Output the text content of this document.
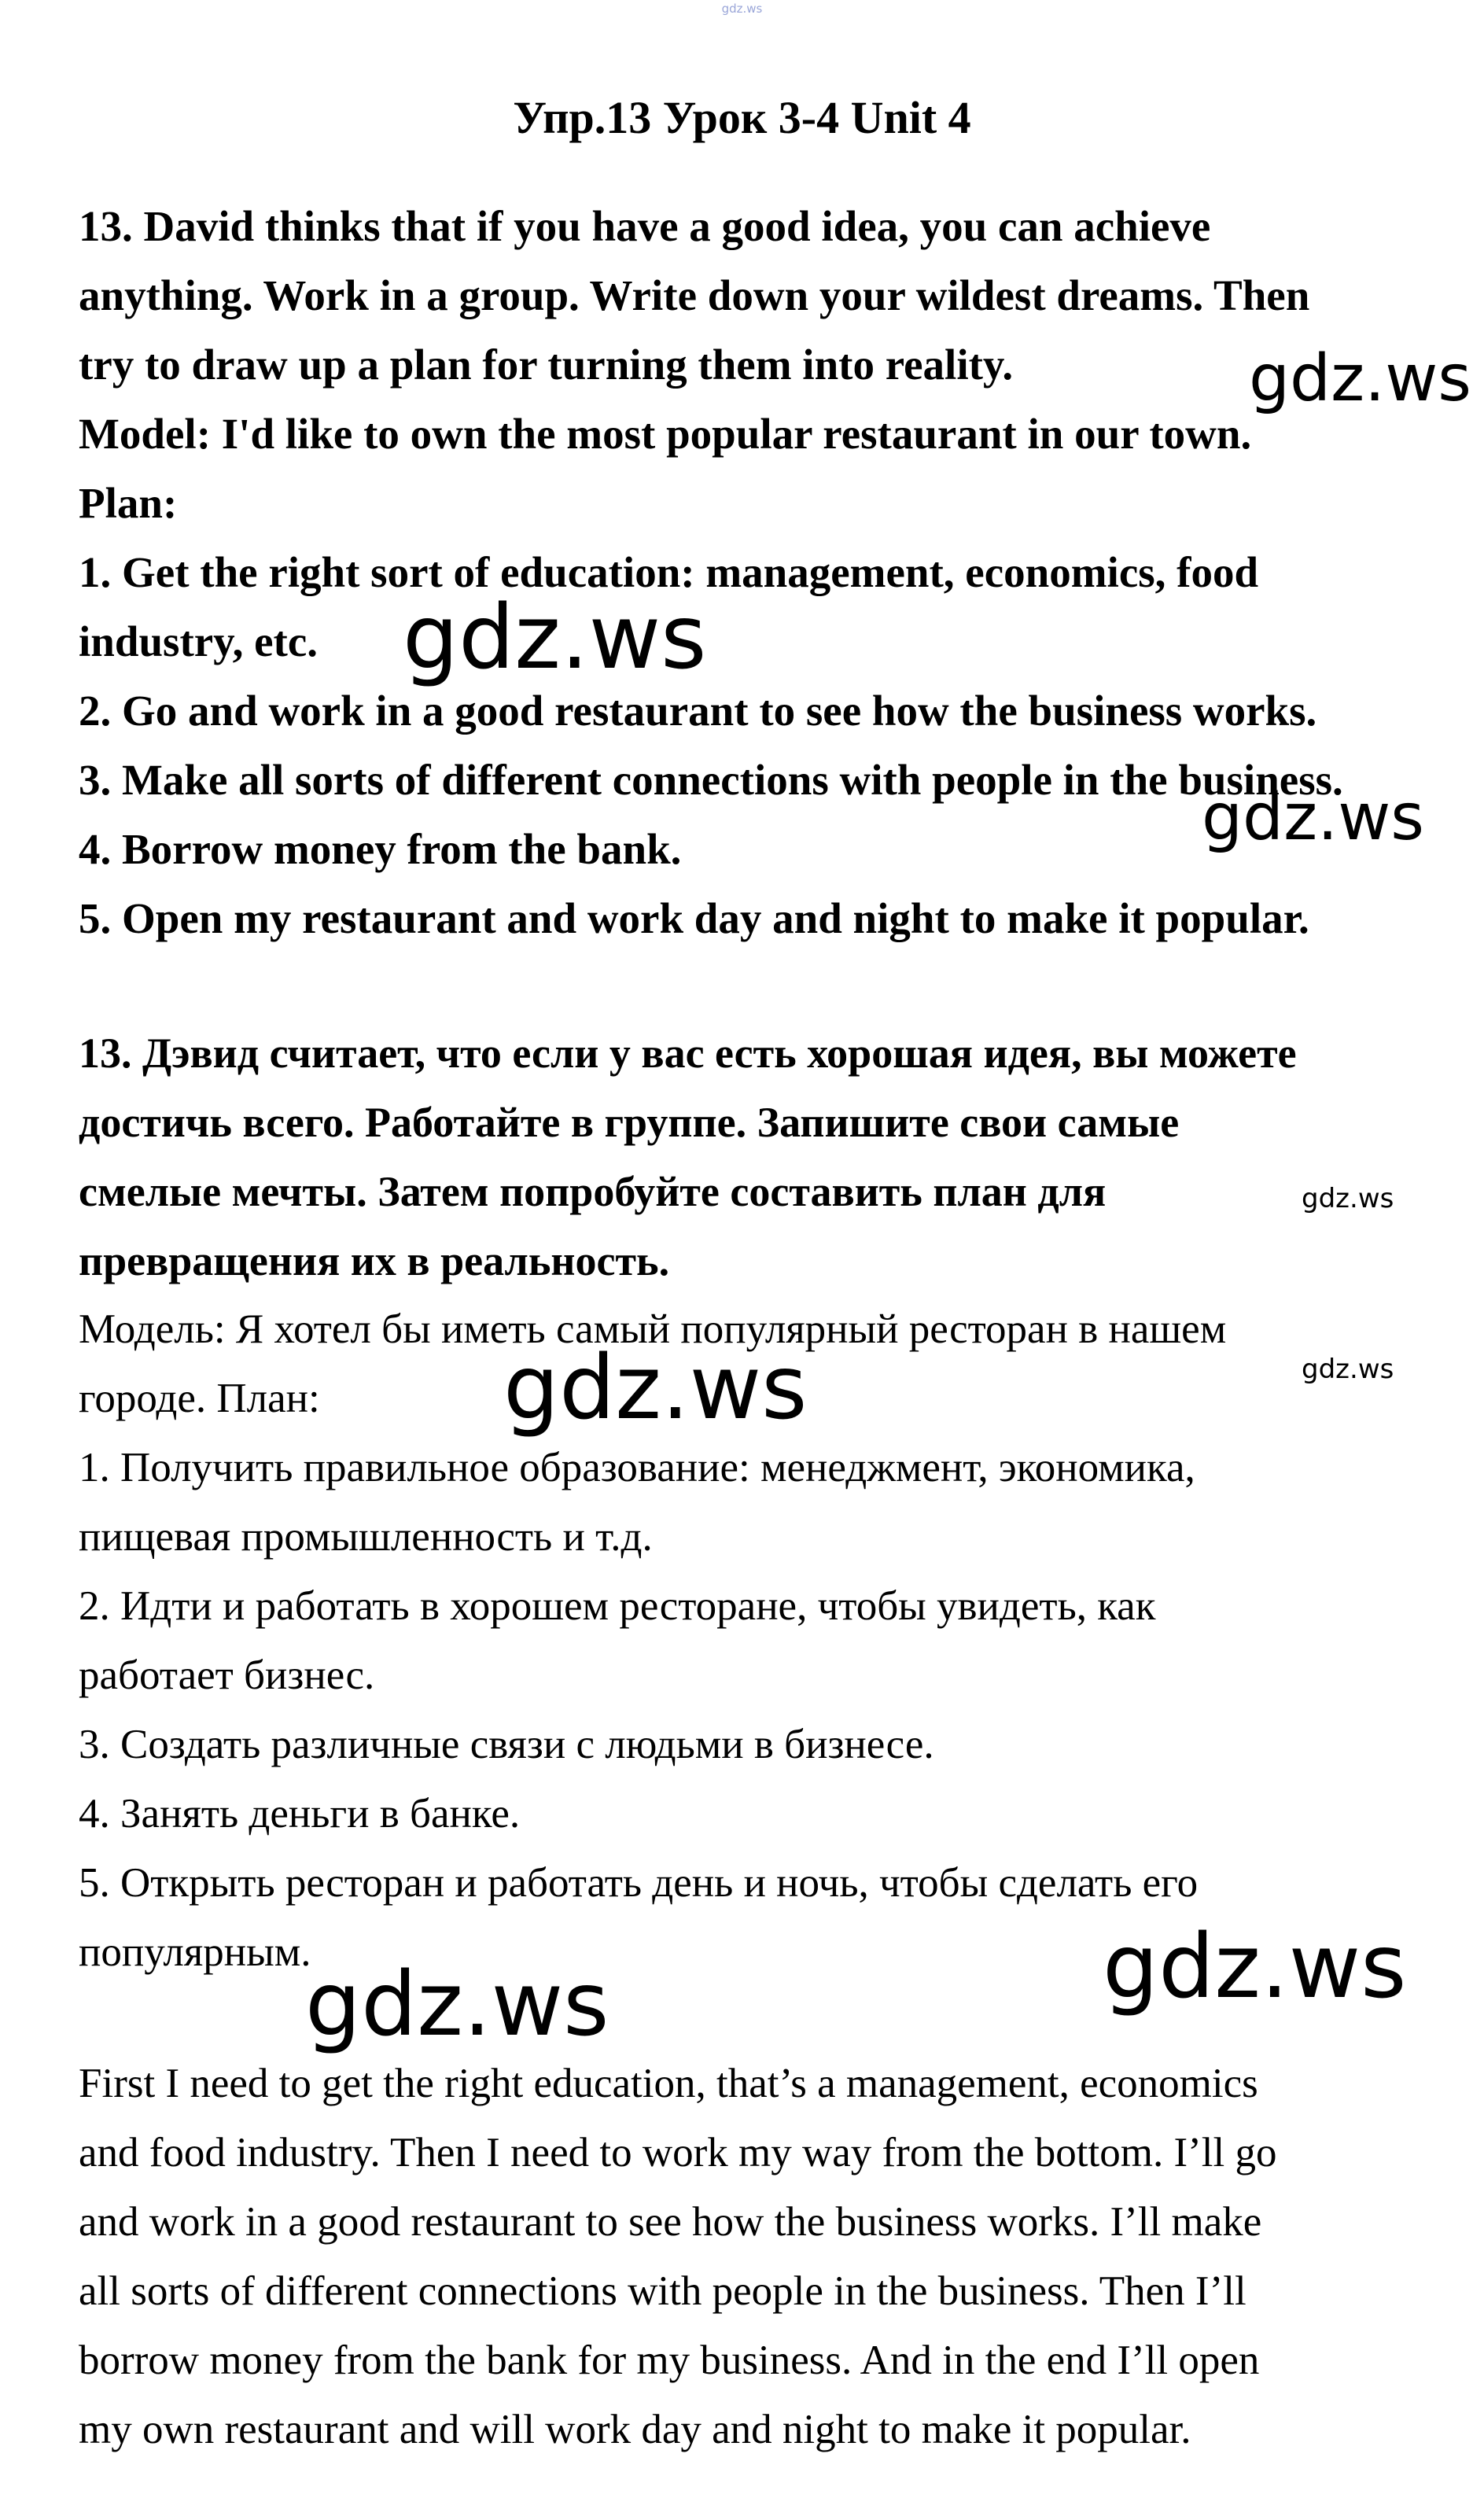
gdz.ws
Упр.13 Урок 3-4 Unit 4

13. David thinks that if you have a good idea, you can achieve

anything. Work in a group. Write down your wildest dreams. Then

try to draw up a plan for turning them into reality.

Model: I'd like to own the most popular restaurant in our town.

Plan:

1. Get the right sort of education: management, economics, food

industry, etc.

2. Go and work in a good restaurant to see how the business works.

3. Make all sorts of different connections with people in the business.

4. Borrow money from the bank.

5. Open my restaurant and work day and night to make it popular.

13. Дэвид считает, что если у вас есть хорошая идея, вы можете

достичь всего. Работайте в группе. Запишите свои самые

смелые мечты. Затем попробуйте составить план для

превращения их в реальность.

Модель: Я хотел бы иметь самый популярный ресторан в нашем

городе. План:

1. Получить правильное образование: менеджмент, экономика,

пищевая промышленность и т.д.

2. Идти и работать в хорошем ресторане, чтобы увидеть, как

работает бизнес.

3. Создать различные связи с людьми в бизнесе.

4. Занять деньги в банке.

5. Открыть ресторан и работать день и ночь, чтобы сделать его

популярным.

First I need to get the right education, that’s a management, economics

and food industry. Then I need to work my way from the bottom. I’ll go

and work in a good restaurant to see how the business works. I’ll make

all sorts of different connections with people in the business. Then I’ll

borrow money from the bank for my business. And in the end I’ll open

my own restaurant and will work day and night to make it popular.

gdz.ws
gdz.ws
gdz.ws
gdz.ws
gdz.ws	gdz.ws
gdz.ws
gdz.ws
